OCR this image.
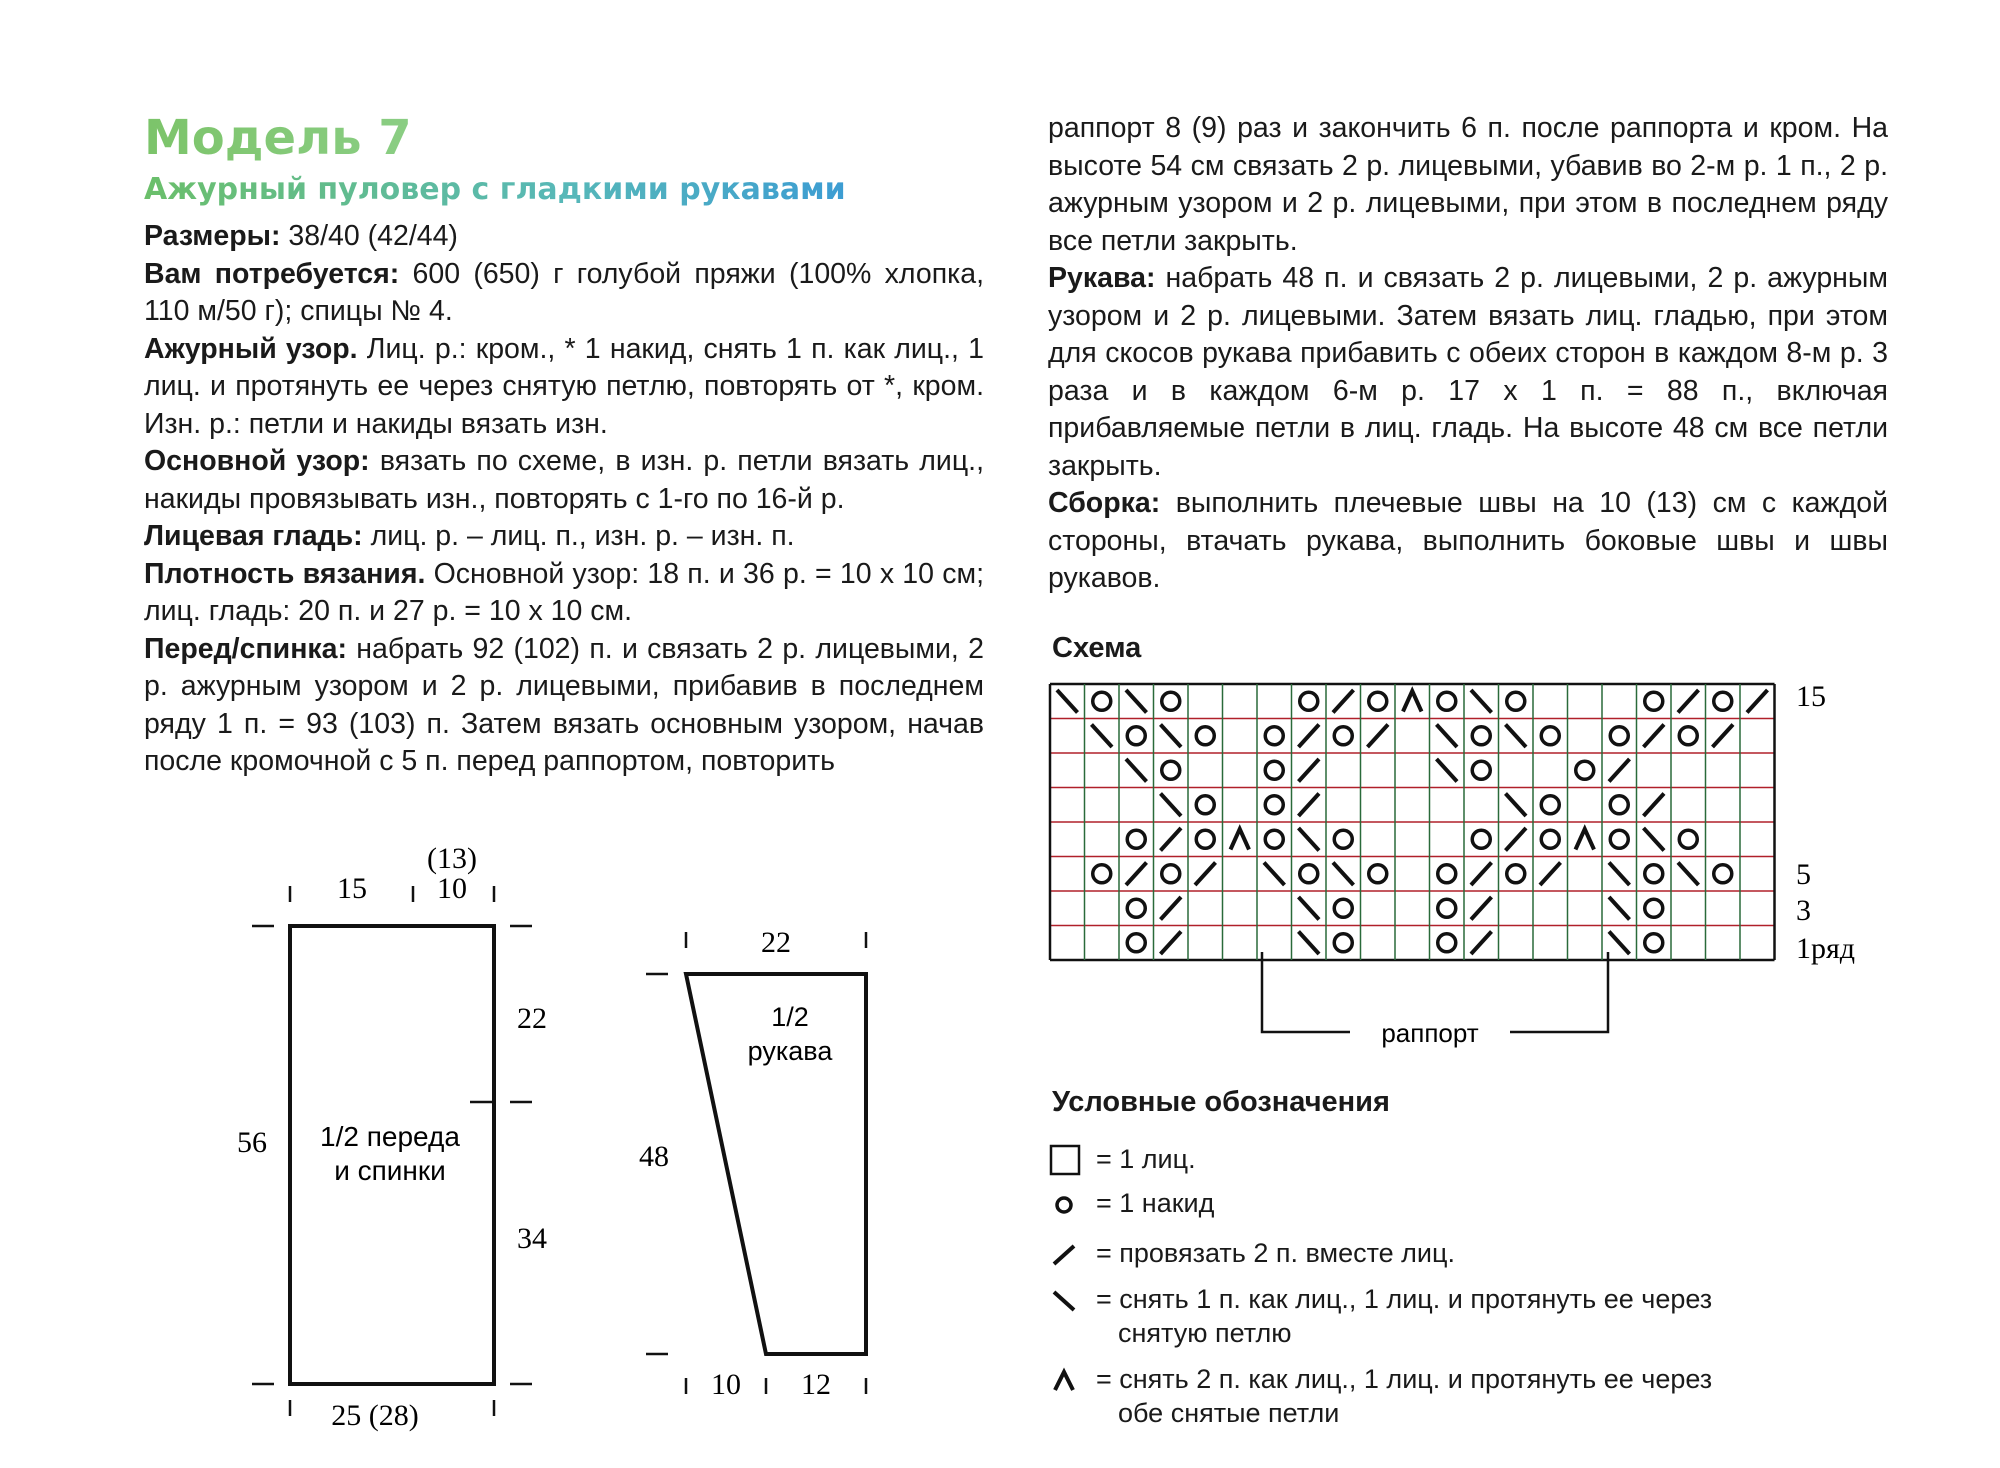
Модель 7
Ажурный пуловер с гладкими рукавами

Размеры: 38/40 (42/44)

Вам потребуется: 600 (650) г голубой пряжи (100% хлопка, 110 м/50 г); спицы № 4.

Ажурный узор. Лиц. р.: кром., * 1 накид, снять 1 п. как лиц., 1 лиц. и протянуть ее через снятую петлю, повторять от *, кром. Изн. р.: петли и накиды вязать изн.

Основной узор: вязать по схеме, в изн. р. петли вязать лиц., накиды провязывать изн., повторять с 1-го по 16-й р.

Лицевая гладь: лиц. р. – лиц. п., изн. р. – изн. п.

Плотность вязания. Основной узор: 18 п. и 36 р. = 10 х 10 см; лиц. гладь: 20 п. и 27 р. = 10 х 10 см.

Перед/спинка: набрать 92 (102) п. и связать 2 р. лицевыми, 2 р. ажурным узором и 2 р. лицевыми, прибавив в последнем ряду 1 п. = 93 (103) п. Затем вязать основным узором, начав после кромочной с 5 п. перед раппортом, повторить

раппорт 8 (9) раз и закончить 6 п. после раппорта и кром. На высоте 54 см связать 2 р. лицевыми, убавив во 2-м р. 1 п., 2 р. ажурным узором и 2 р. лицевыми, при этом в последнем ряду все петли закрыть.

Рукава: набрать 48 п. и связать 2 р. лицевыми, 2 р. ажурным узором и 2 р. лицевыми. Затем вязать лиц. гладью, при этом для скосов рукава прибавить с обеих сторон в каждом 8-м р. 3 раза и в каждом 6-м р. 17 х 1 п. = 88 п., включая прибавляемые петли в лиц. гладь. На высоте 48 см все петли закрыть.

Сборка: выполнить плечевые швы на 10 (13) см с каждой стороны, втачать рукава, выполнить боковые швы и швы рукавов.

15 10
(13)
56
22
34
25 (28)
1/2 переда
и спинки
22
48
10 12
1/2
рукава
Схема
15
5
3
1ряд
раппорт
Условные обозначения
= 1 лиц.
= 1 накид
= провязать 2 п. вместе лиц.
= снять 1 п. как лиц., 1 лиц. и протянуть ее через
снятую петлю
= снять 2 п. как лиц., 1 лиц. и протянуть ее через
обе снятые петли
